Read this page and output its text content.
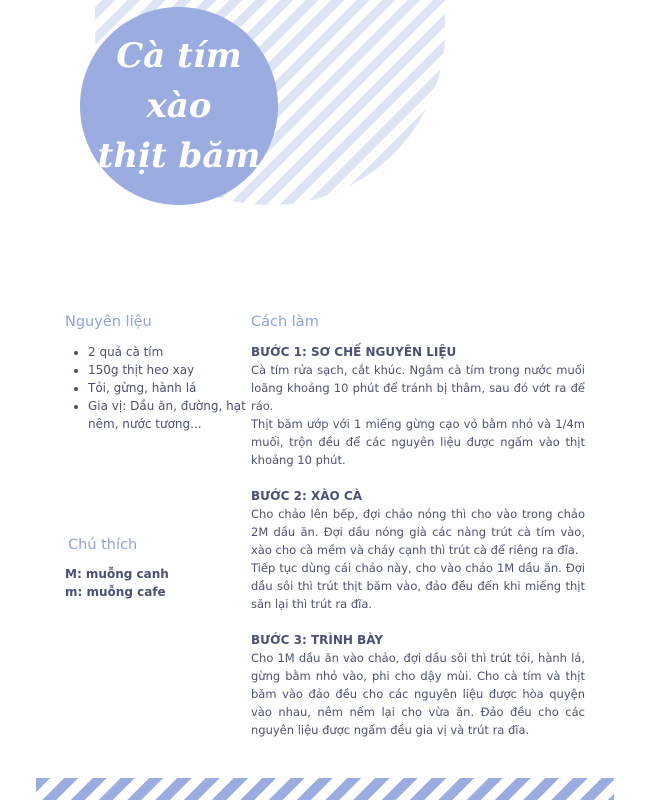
Cà tím
xào
thịt băm
Nguyên liệu
• 2 quả cà tím
• 150g thịt heo xay
• Tỏi, gừng, hành lá
• Gia vị: Dầu ăn, đường, hạt nêm, nước tương...
Chú thích
M: muỗng canh
m: muỗng cafe
Cách làm
BƯỚC 1: SƠ CHẾ NGUYÊN LIỆU

Cà tím rửa sạch, cắt khúc. Ngâm cà tím trong nước muối loãng khoảng 10 phút để tránh bị thâm, sau đó vớt ra để ráo.

Thịt băm ướp với 1 miếng gừng cạo vỏ bằm nhỏ và 1/4m muối, trộn đều để các nguyên liệu được ngấm vào thịt khoảng 10 phút.

BƯỚC 2: XÀO CÀ

Cho chảo lên bếp, đợi chảo nóng thì cho vào trong chảo 2M dầu ăn. Đợi dầu nóng già các nàng trút cà tím vào, xào cho cà mềm và cháy cạnh thì trút cà để riêng ra đĩa.

Tiếp tục dùng cái chảo này, cho vào chảo 1M dầu ăn. Đợi dầu sôi thì trút thịt băm vào, đảo đều đến khi miếng thịt săn lại thì trút ra đĩa.

BƯỚC 3: TRÌNH BÀY

Cho 1M dầu ăn vào chảo, đợi dầu sôi thì trút tỏi, hành lá, gừng bằm nhỏ vào, phi cho dậy mùi. Cho cà tím và thịt băm vào đảo đều cho các nguyên liệu được hòa quyện vào nhau, nêm nếm lại cho vừa ăn. Đảo đều cho các nguyên liệu được ngấm đều gia vị và trút ra đĩa.
